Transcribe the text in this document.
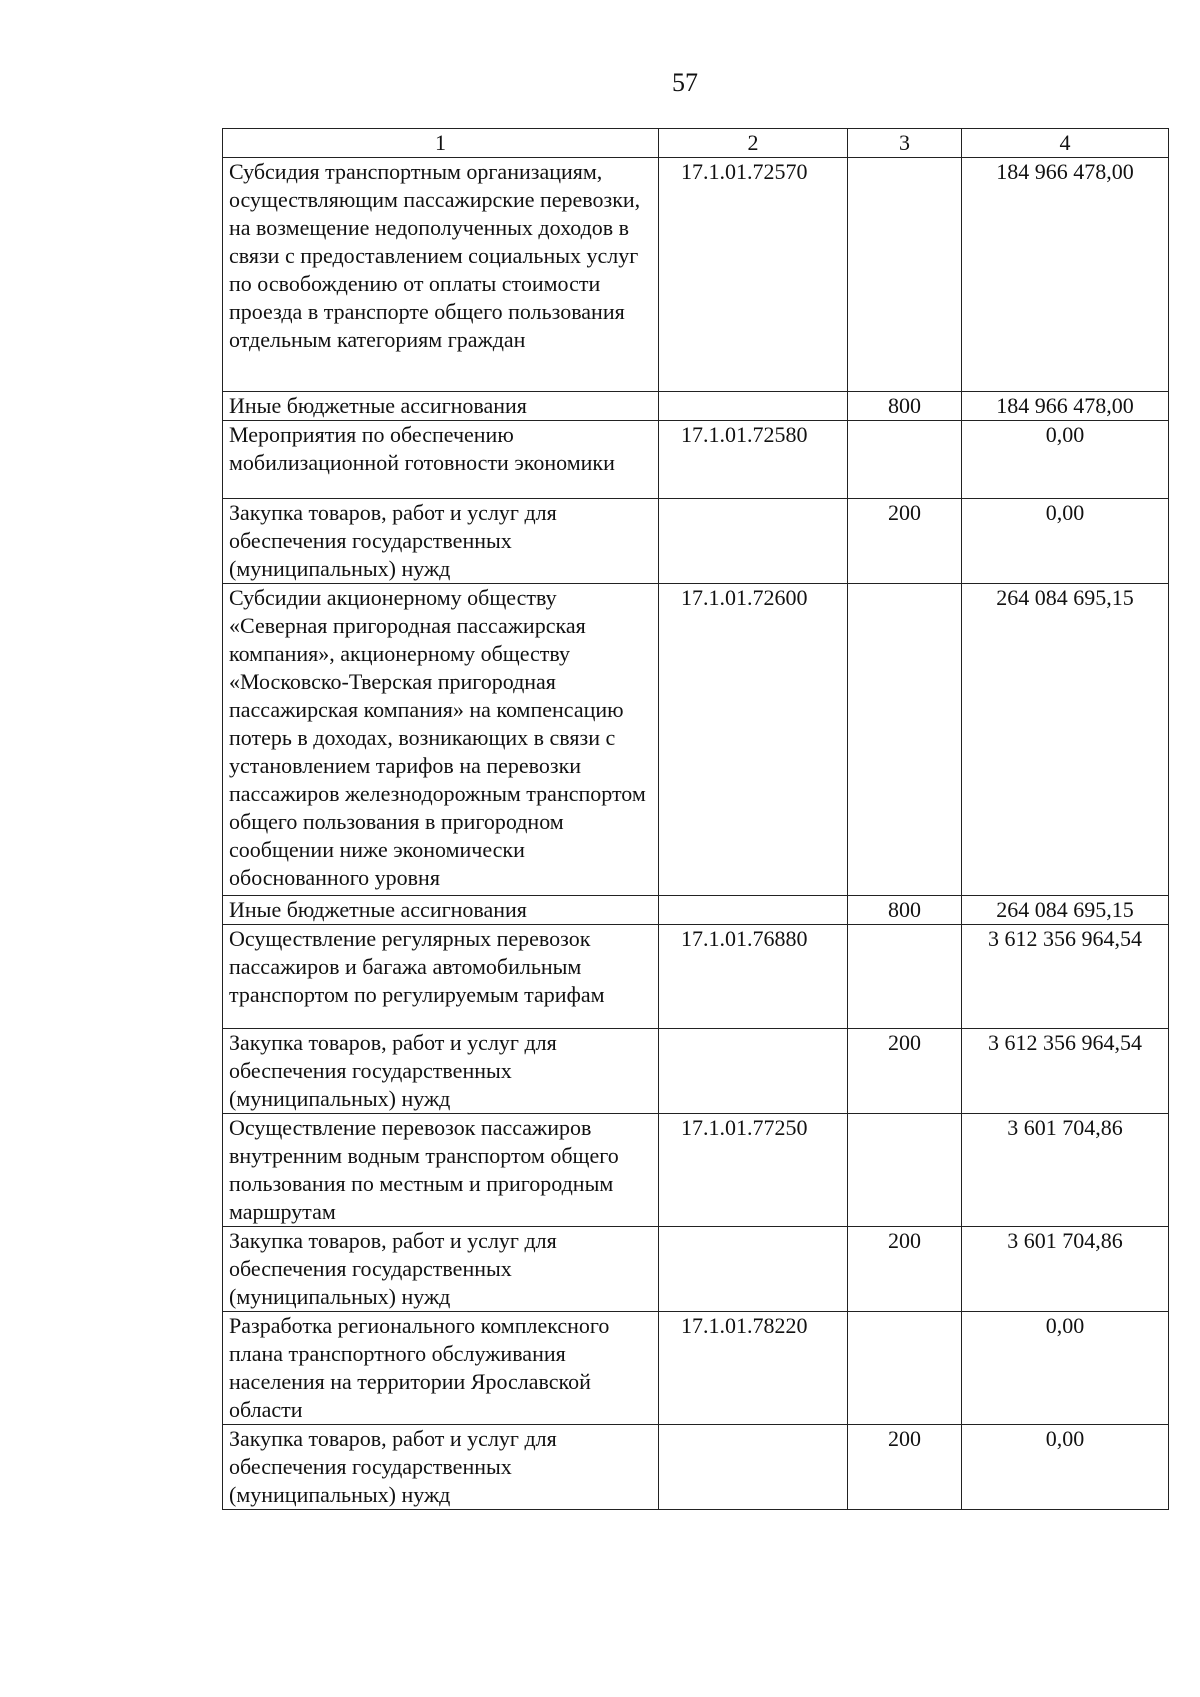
57
1	2	3	4
Субсидия транспортным организациям, осуществляющим пассажирские перевозки, на возмещение недополученных доходов в связи с предоставлением социальных услуг по освобождению от оплаты стоимости проезда в транспорте общего пользования отдельным категориям граждан	17.1.01.72570		184 966 478,00
Иные бюджетные ассигнования		800	184 966 478,00
Мероприятия по обеспечению мобилизационной готовности экономики	17.1.01.72580		0,00
Закупка товаров, работ и услуг для обеспечения государственных (муниципальных) нужд		200	0,00
Субсидии акционерному обществу «Северная пригородная пассажирская компания», акционерному обществу «Московско-Тверская пригородная пассажирская компания» на компенсацию потерь в доходах, возникающих в связи с установлением тарифов на перевозки пассажиров железнодорожным транспортом общего пользования в пригородном сообщении ниже экономически обоснованного уровня	17.1.01.72600		264 084 695,15
Иные бюджетные ассигнования		800	264 084 695,15
Осуществление регулярных перевозок пассажиров и багажа автомобильным транспортом по регулируемым тарифам	17.1.01.76880		3 612 356 964,54
Закупка товаров, работ и услуг для обеспечения государственных (муниципальных) нужд		200	3 612 356 964,54
Осуществление перевозок пассажиров внутренним водным транспортом общего пользования по местным и пригородным маршрутам	17.1.01.77250		3 601 704,86
Закупка товаров, работ и услуг для обеспечения государственных (муниципальных) нужд		200	3 601 704,86
Разработка регионального комплексного плана транспортного обслуживания населения на территории Ярославской области	17.1.01.78220		0,00
Закупка товаров, работ и услуг для обеспечения государственных (муниципальных) нужд		200	0,00
